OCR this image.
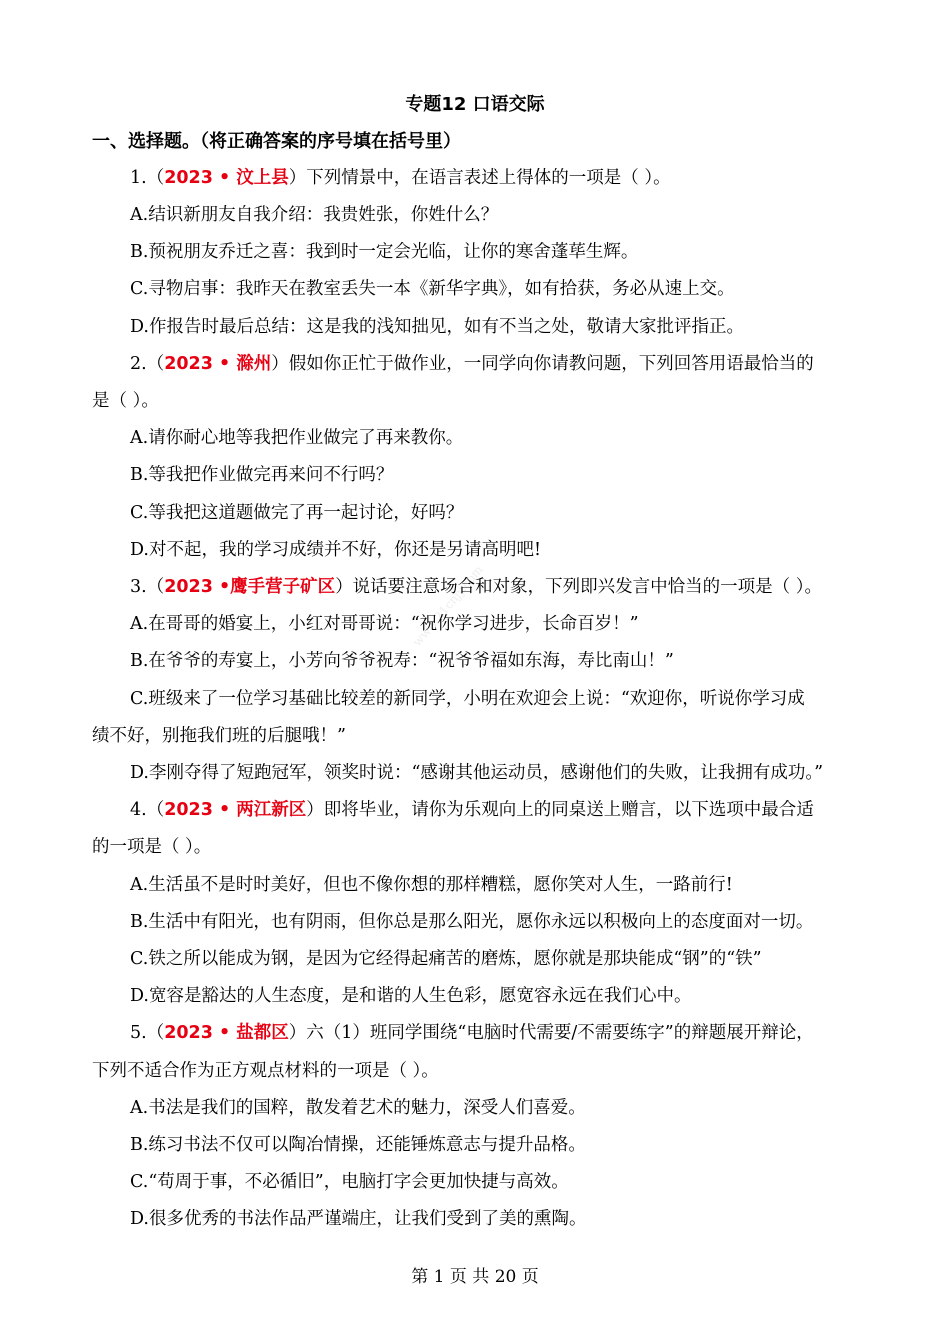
www.21cnjy.com
专题12 口语交际
一、选择题。（将正确答案的序号填在括号里）
1.（2023 • 汶上县）下列情景中，在语言表述上得体的一项是（ ）。
A.结识新朋友自我介绍：我贵姓张，你姓什么？
B.预祝朋友乔迁之喜：我到时一定会光临，让你的寒舍蓬荜生辉。
C.寻物启事：我昨天在教室丢失一本《新华字典》，如有拾获，务必从速上交。
D.作报告时最后总结：这是我的浅知拙见，如有不当之处，敬请大家批评指正。
2.（2023 • 滁州）假如你正忙于做作业，一同学向你请教问题，下列回答用语最恰当的
是（ ）。
A.请你耐心地等我把作业做完了再来教你。
B.等我把作业做完再来问不行吗？
C.等我把这道题做完了再一起讨论，好吗？
D.对不起，我的学习成绩并不好，你还是另请高明吧!
3.（2023 •鹰手营子矿区）说话要注意场合和对象，下列即兴发言中恰当的一项是（ ）。
A.在哥哥的婚宴上，小红对哥哥说：“祝你学习进步，长命百岁！”
B.在爷爷的寿宴上，小芳向爷爷祝寿：“祝爷爷福如东海，寿比南山！”
C.班级来了一位学习基础比较差的新同学，小明在欢迎会上说：“欢迎你，听说你学习成
绩不好，别拖我们班的后腿哦！”
D.李刚夺得了短跑冠军，领奖时说：“感谢其他运动员，感谢他们的失败，让我拥有成功。”
4.（2023 • 两江新区）即将毕业，请你为乐观向上的同桌送上赠言，以下选项中最合适
的一项是（ ）。
A.生活虽不是时时美好，但也不像你想的那样糟糕，愿你笑对人生，一路前行!
B.生活中有阳光，也有阴雨，但你总是那么阳光，愿你永远以积极向上的态度面对一切。
C.铁之所以能成为钢，是因为它经得起痛苦的磨炼，愿你就是那块能成“钢”的“铁”
D.宽容是豁达的人生态度，是和谐的人生色彩，愿宽容永远在我们心中。
5.（2023 • 盐都区）六（1）班同学围绕“电脑时代需要/不需要练字”的辩题展开辩论，
下列不适合作为正方观点材料的一项是（ ）。
A.书法是我们的国粹，散发着艺术的魅力，深受人们喜爱。
B.练习书法不仅可以陶冶情操，还能锤炼意志与提升品格。
C.“苟周于事，不必循旧”，电脑打字会更加快捷与高效。
D.很多优秀的书法作品严谨端庄，让我们受到了美的熏陶。
第 1 页 共 20 页
